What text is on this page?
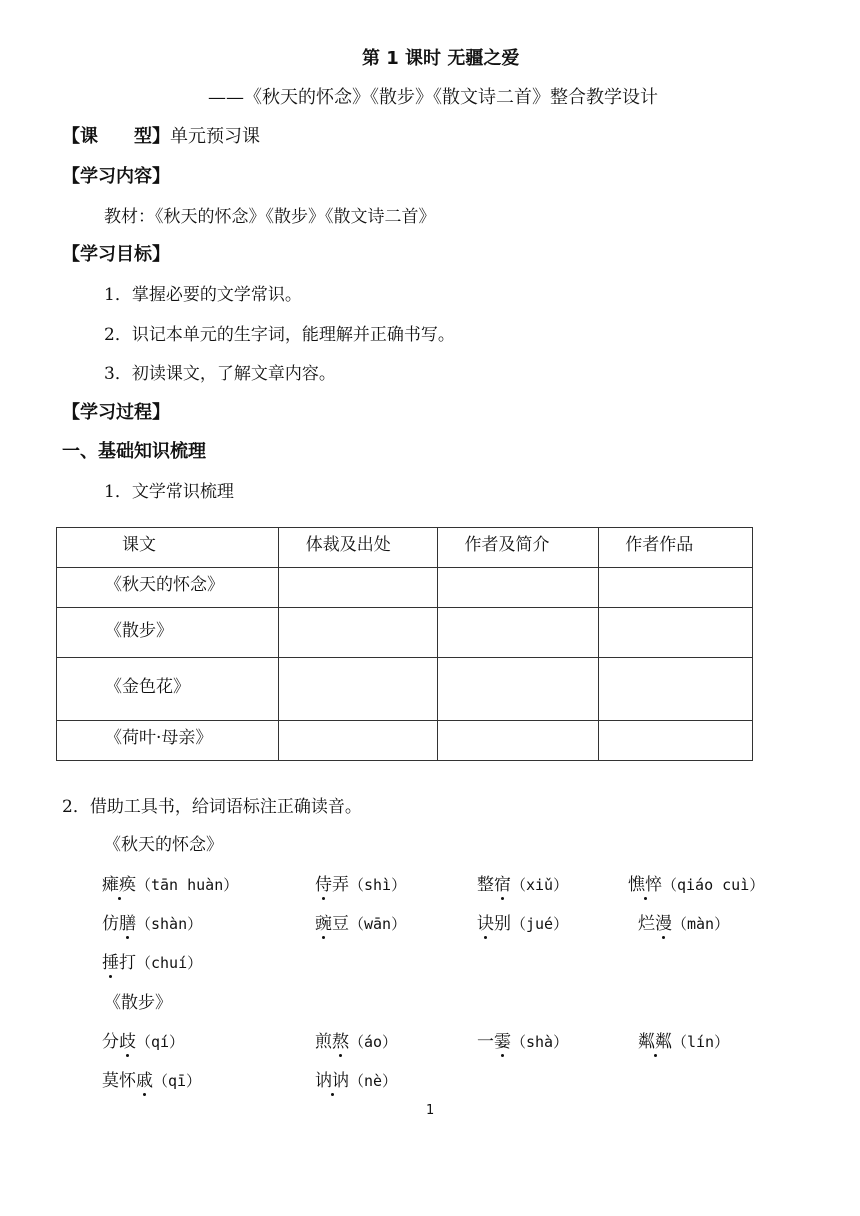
第 1 课时 无疆之爱
——《秋天的怀念》《散步》《散文诗二首》整合教学设计
【课　　型】单元预习课
【学习内容】
教材：《秋天的怀念》《散步》《散文诗二首》
【学习目标】
1．掌握必要的文学常识。
2．识记本单元的生字词，能理解并正确书写。
3．初读课文，了解文章内容。
【学习过程】
一、基础知识梳理
1．文学常识梳理
课文	体裁及出处	作者及简介	作者作品
《秋天的怀念》			
《散步》			
《金色花》			
《荷叶·母亲》			
2．借助工具书，给词语标注正确读音。
《秋天的怀念》
瘫痪（tān huàn）	侍弄（shì）	整宿（xiǔ）	憔悴（qiáo cuì）
仿膳（shàn）	豌豆（wān）	诀别（jué）	烂漫（màn）
捶打（chuí）
《散步》
分歧（qí）	煎熬（áo）	一霎（shà）	粼粼（lín）
莫怀戚（qī）	讷讷（nè）
1
